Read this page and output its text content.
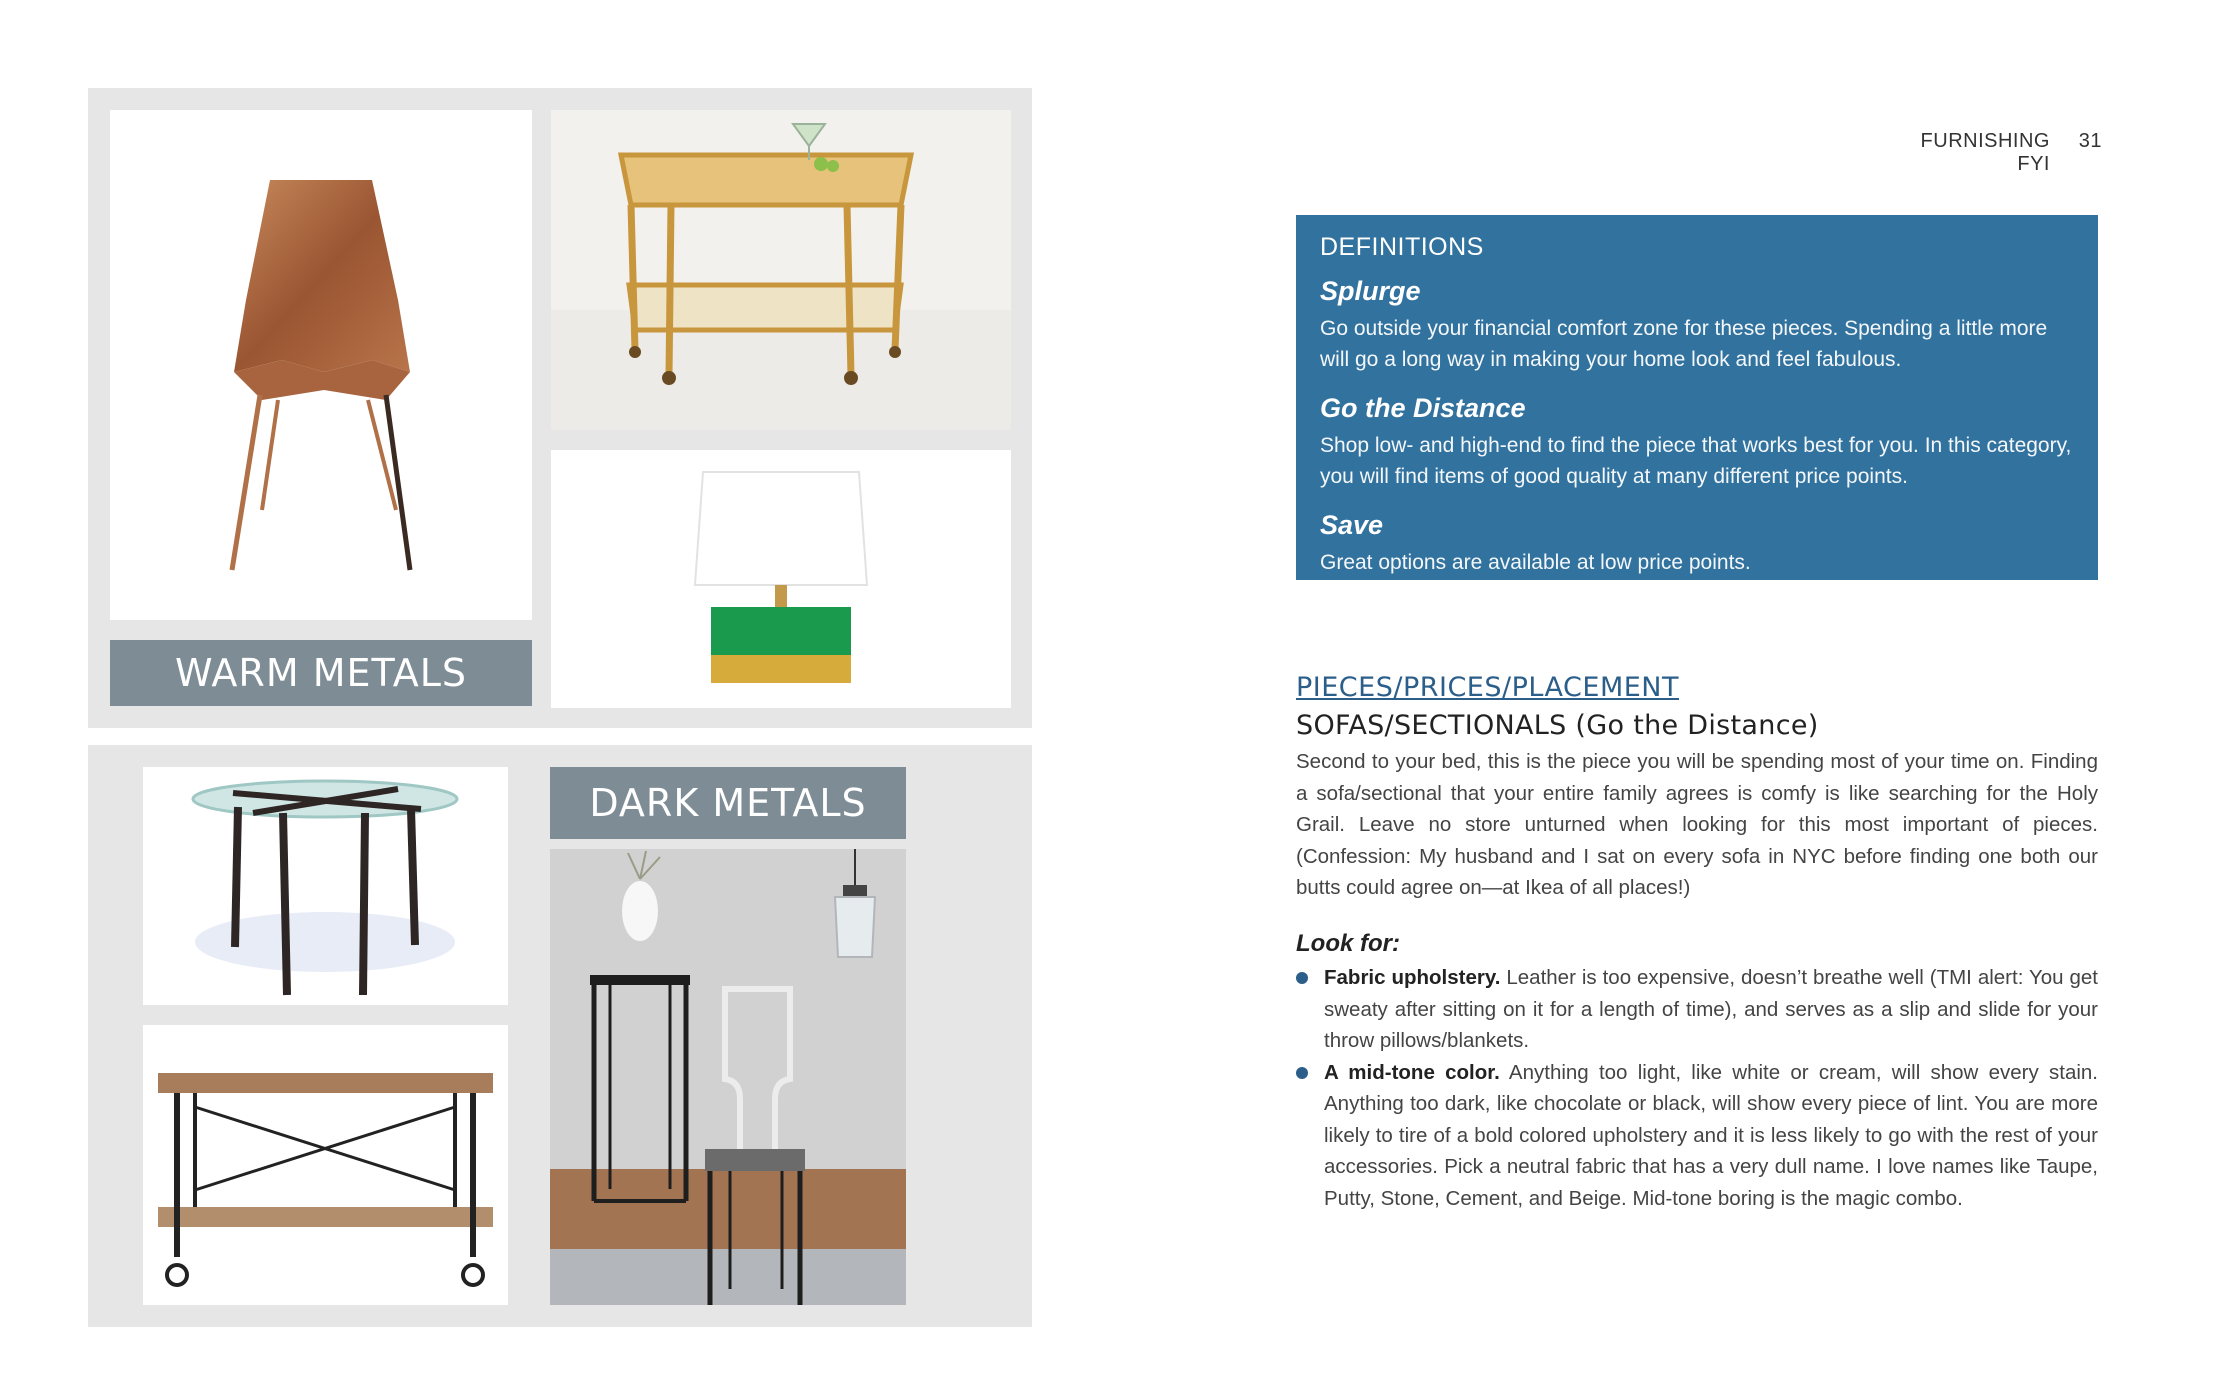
WARM METALS
DARK METALS
FURNISHING FYI
31
DEFINITIONS
Splurge
Go outside your financial comfort zone for these pieces. Spending a little more will go a long way in making your home look and feel fabulous.
Go the Distance
Shop low- and high-end to find the piece that works best for you. In this category, you will find items of good quality at many different price points.
Save
Great options are available at low price points.
PIECES/PRICES/PLACEMENT
SOFAS/SECTIONALS (Go the Distance)
Second to your bed, this is the piece you will be spending most of your time on. Finding a sofa/sectional that your entire family agrees is comfy is like searching for the Holy Grail. Leave no store unturned when looking for this most important of pieces. (Confession: My husband and I sat on every sofa in NYC before finding one both our butts could agree on—at Ikea of all places!)
Look for:
Fabric upholstery. Leather is too expensive, doesn’t breathe well (TMI alert: You get sweaty after sitting on it for a length of time), and serves as a slip and slide for your throw pillows/blankets.
A mid-tone color. Anything too light, like white or cream, will show every stain. Anything too dark, like chocolate or black, will show every piece of lint. You are more likely to tire of a bold colored upholstery and it is less likely to go with the rest of your accessories. Pick a neutral fabric that has a very dull name. I love names like Taupe, Putty, Stone, Cement, and Beige. Mid-tone boring is the magic combo.
